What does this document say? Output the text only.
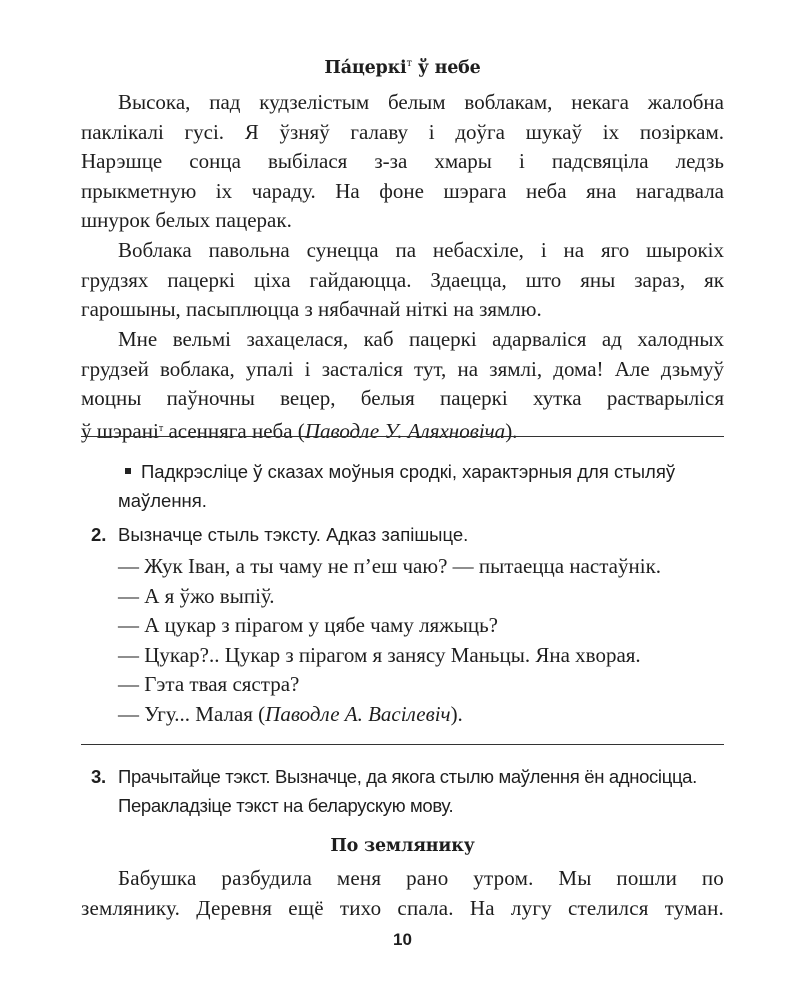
Па́церкі$^т$ ў небе
Высока, пад кудзелістым белым воблакам, некага жалобна
паклікалі гусі. Я ўзняў галаву і доўга шукаў іх позіркам.
Нарэшце сонца выбілася з-за хмары і падсвяціла ледзь
прыкметную іх чараду. На фоне шэрага неба яна нагадвала
шнурок белых пацерак.
Воблака павольна сунецца па небасхіле, і на яго шырокіх
грудзях пацеркі ціха гайдаюцца. Здаецца, што яны зараз, як
гарошыны, пасыплюцца з нябачнай ніткі на зямлю.
Мне вельмі захацелася, каб пацеркі адарваліся ад халодных
грудзей воблака, упалі і засталіся тут, на зямлі, дома! Але дзьмуў
моцны паўночны вецер, белыя пацеркі хутка растварыліся
ў шэрані$^т$ асенняга неба (Паводле У. Аляхновіча).
Падкрэсліце ў сказах моўныя сродкі, характэрныя для стыляў
маўлення.
2. Вызначце стыль тэксту. Адказ запішыце.
— Жук Іван, а ты чаму не п’еш чаю? — пытаецца настаўнік.
— А я ўжо выпіў.
— А цукар з пірагом у цябе чаму ляжыць?
— Цукар?.. Цукар з пірагом я занясу Маньцы. Яна хворая.
— Гэта твая сястра?
— Угу... Малая (Паводле А. Васілевіч).
3. Прачытайце тэкст. Вызначце, да якога стылю маўлення ён адносіцца.
Перакладзіце тэкст на беларускую мову.
По землянику
Бабушка разбудила меня рано утром. Мы пошли по
землянику. Деревня ещё тихо спала. На лугу стелился туман.
10
